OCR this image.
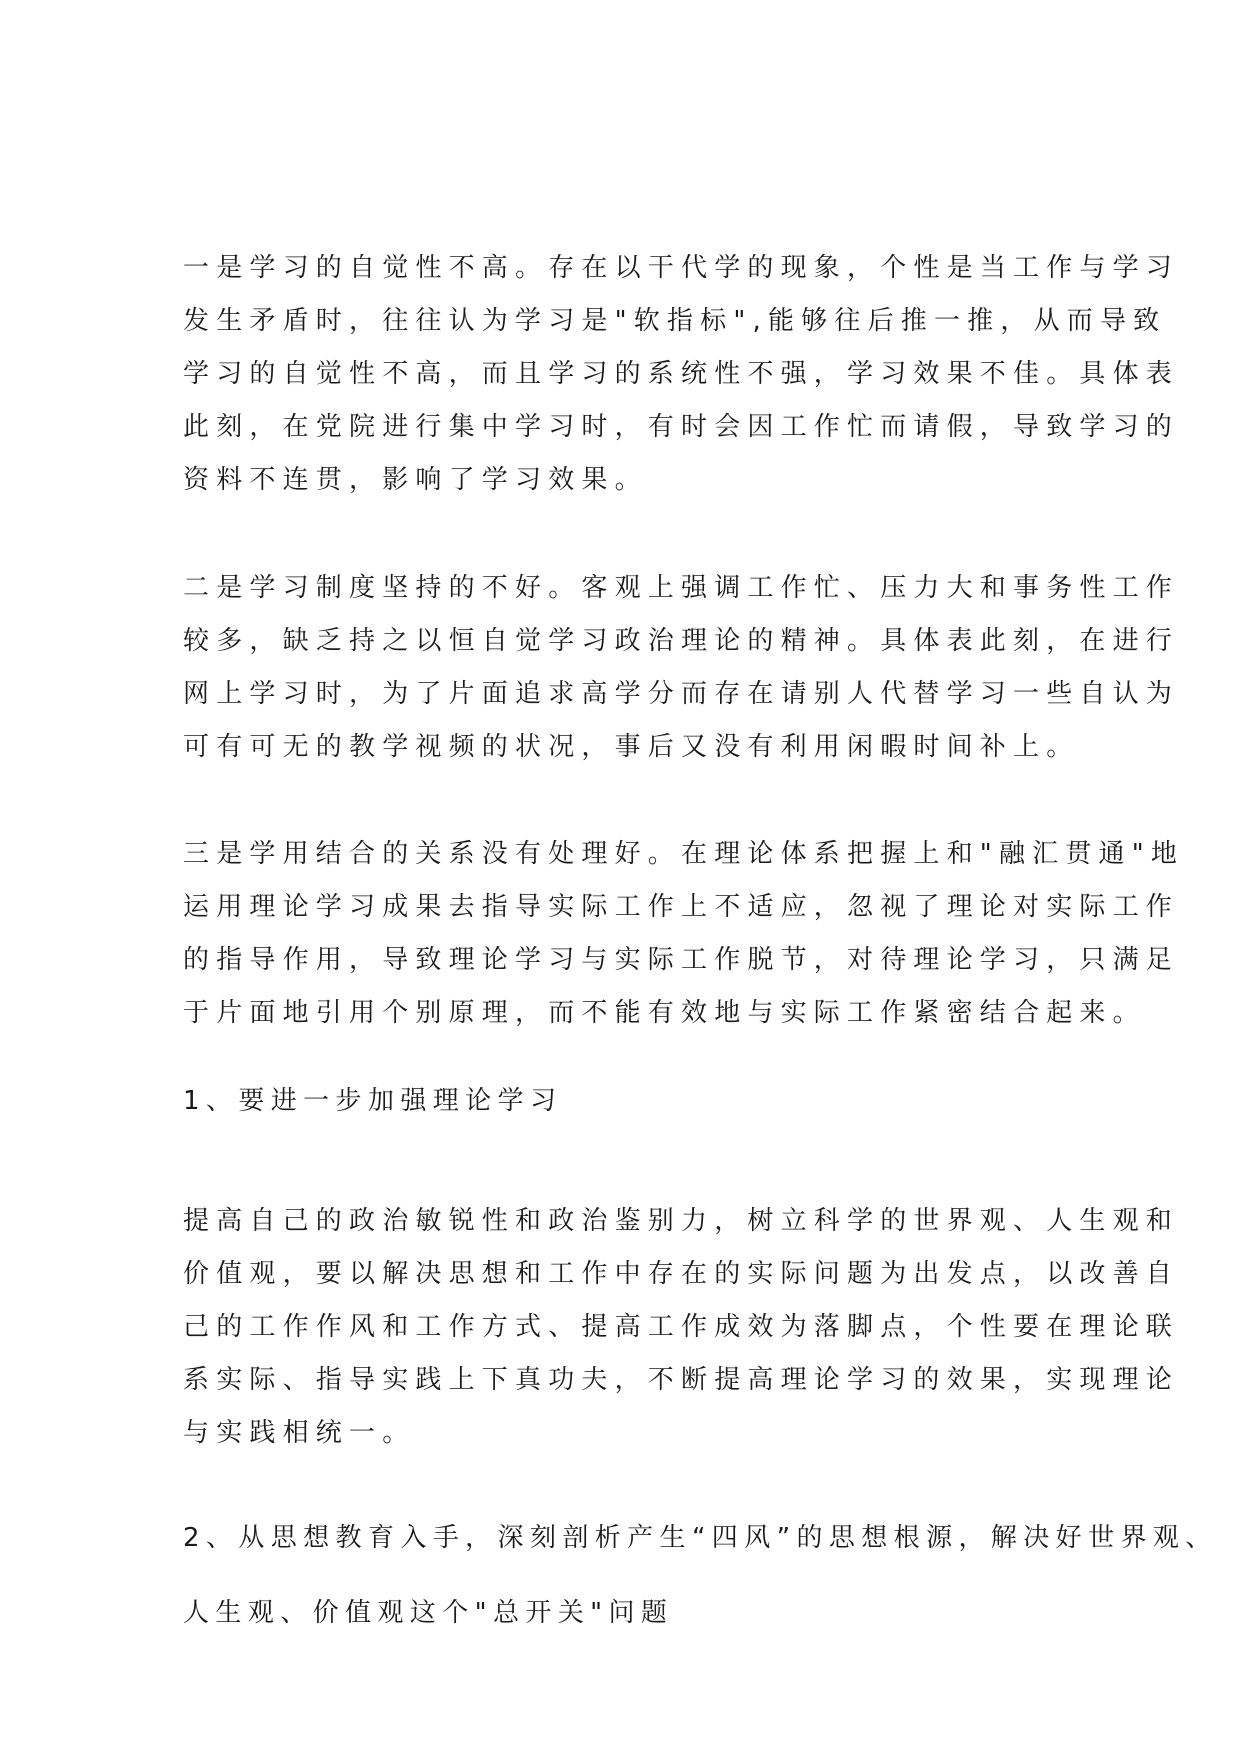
一是学习的自觉性不高。存在以干代学的现象，个性是当工作与学习
发生矛盾时，往往认为学习是"软指标",能够往后推一推，从而导致
学习的自觉性不高，而且学习的系统性不强，学习效果不佳。具体表
此刻，在党院进行集中学习时，有时会因工作忙而请假，导致学习的
资料不连贯，影响了学习效果。
二是学习制度坚持的不好。客观上强调工作忙、压力大和事务性工作
较多，缺乏持之以恒自觉学习政治理论的精神。具体表此刻，在进行
网上学习时，为了片面追求高学分而存在请别人代替学习一些自认为
可有可无的教学视频的状况，事后又没有利用闲暇时间补上。
三是学用结合的关系没有处理好。在理论体系把握上和"融汇贯通"地
运用理论学习成果去指导实际工作上不适应，忽视了理论对实际工作
的指导作用，导致理论学习与实际工作脱节，对待理论学习，只满足
于片面地引用个别原理，而不能有效地与实际工作紧密结合起来。
1、要进一步加强理论学习
提高自己的政治敏锐性和政治鉴别力，树立科学的世界观、人生观和
价值观，要以解决思想和工作中存在的实际问题为出发点，以改善自
己的工作作风和工作方式、提高工作成效为落脚点，个性要在理论联
系实际、指导实践上下真功夫，不断提高理论学习的效果，实现理论
与实践相统一。
2、从思想教育入手，深刻剖析产生“四风”的思想根源，解决好世界观、
人生观、价值观这个"总开关"问题
